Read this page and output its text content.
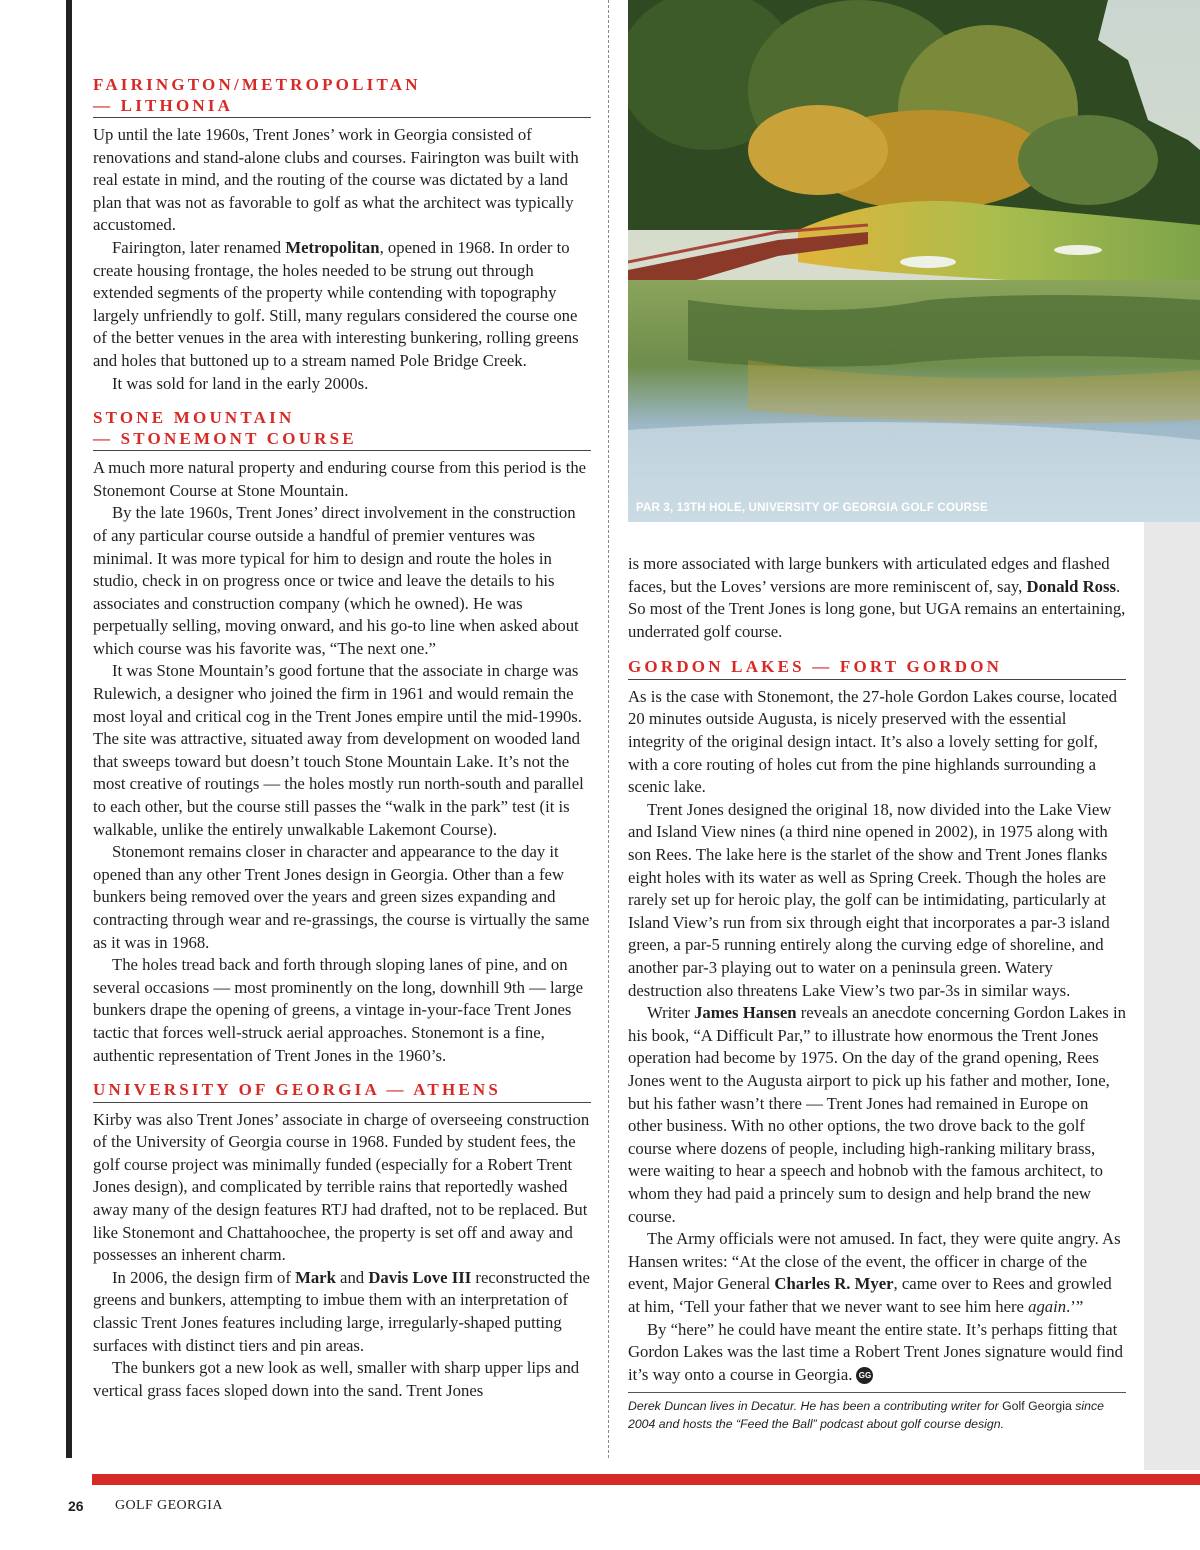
FAIRINGTON/METROPOLITAN
— LITHONIA

Up until the late 1960s, Trent Jones’ work in Georgia consisted of renovations and stand-alone clubs and courses. Fairington was built with real estate in mind, and the routing of the course was dictated by a land plan that was not as favorable to golf as what the architect was typically accustomed.

Fairington, later renamed Metropolitan, opened in 1968. In order to create housing frontage, the holes needed to be strung out through extended segments of the property while contending with topography largely unfriendly to golf. Still, many regulars considered the course one of the better venues in the area with interesting bunkering, rolling greens and holes that buttoned up to a stream named Pole Bridge Creek.

It was sold for land in the early 2000s.

STONE MOUNTAIN
— STONEMONT COURSE

A much more natural property and enduring course from this period is the Stonemont Course at Stone Mountain.

By the late 1960s, Trent Jones’ direct involvement in the construction of any particular course outside a handful of premier ventures was minimal. It was more typical for him to design and route the holes in studio, check in on progress once or twice and leave the details to his associates and construction company (which he owned). He was perpetually selling, moving onward, and his go-to line when asked about which course was his favorite was, “The next one.”

It was Stone Mountain’s good fortune that the associate in charge was Rulewich, a designer who joined the firm in 1961 and would remain the most loyal and critical cog in the Trent Jones empire until the mid-1990s. The site was attractive, situated away from development on wooded land that sweeps toward but doesn’t touch Stone Mountain Lake. It’s not the most creative of routings — the holes mostly run north-south and parallel to each other, but the course still passes the “walk in the park” test (it is walkable, unlike the entirely unwalkable Lakemont Course).

Stonemont remains closer in character and appearance to the day it opened than any other Trent Jones design in Georgia. Other than a few bunkers being removed over the years and green sizes expanding and contracting through wear and re-grassings, the course is virtually the same as it was in 1968.

The holes tread back and forth through sloping lanes of pine, and on several occasions — most prominently on the long, downhill 9th — large bunkers drape the opening of greens, a vintage in-your-face Trent Jones tactic that forces well-struck aerial approaches. Stonemont is a fine, authentic representation of Trent Jones in the 1960’s.

UNIVERSITY OF GEORGIA — ATHENS

Kirby was also Trent Jones’ associate in charge of overseeing construction of the University of Georgia course in 1968. Funded by student fees, the golf course project was minimally funded (especially for a Robert Trent Jones design), and complicated by terrible rains that reportedly washed away many of the design features RTJ had drafted, not to be replaced. But like Stonemont and Chattahoochee, the property is set off and away and possesses an inherent charm.

In 2006, the design firm of Mark and Davis Love III reconstructed the greens and bunkers, attempting to imbue them with an interpretation of classic Trent Jones features including large, irregularly-shaped putting surfaces with distinct tiers and pin areas.

The bunkers got a new look as well, smaller with sharp upper lips and vertical grass faces sloped down into the sand. Trent Jones

PAR 3, 13TH HOLE, UNIVERSITY OF GEORGIA GOLF COURSE

is more associated with large bunkers with articulated edges and flashed faces, but the Loves’ versions are more reminiscent of, say, Donald Ross. So most of the Trent Jones is long gone, but UGA remains an entertaining, underrated golf course.

GORDON LAKES — FORT GORDON

As is the case with Stonemont, the 27-hole Gordon Lakes course, located 20 minutes outside Augusta, is nicely preserved with the essential integrity of the original design intact. It’s also a lovely setting for golf, with a core routing of holes cut from the pine highlands surrounding a scenic lake.

Trent Jones designed the original 18, now divided into the Lake View and Island View nines (a third nine opened in 2002), in 1975 along with son Rees. The lake here is the starlet of the show and Trent Jones flanks eight holes with its water as well as Spring Creek. Though the holes are rarely set up for heroic play, the golf can be intimidating, particularly at Island View’s run from six through eight that incorporates a par-3 island green, a par-5 running entirely along the curving edge of shoreline, and another par-3 playing out to water on a peninsula green. Watery destruction also threatens Lake View’s two par-3s in similar ways.

Writer James Hansen reveals an anecdote concerning Gordon Lakes in his book, “A Difficult Par,” to illustrate how enormous the Trent Jones operation had become by 1975. On the day of the grand opening, Rees Jones went to the Augusta airport to pick up his father and mother, Ione, but his father wasn’t there — Trent Jones had remained in Europe on other business. With no other options, the two drove back to the golf course where dozens of people, including high-ranking military brass, were waiting to hear a speech and hobnob with the famous architect, to whom they had paid a princely sum to design and help brand the new course.

The Army officials were not amused. In fact, they were quite angry. As Hansen writes: “At the close of the event, the officer in charge of the event, Major General Charles R. Myer, came over to Rees and growled at him, ‘Tell your father that we never want to see him here again.’”

By “here” he could have meant the entire state. It’s perhaps fitting that Gordon Lakes was the last time a Robert Trent Jones signature would find it’s way onto a course in Georgia. GG

Derek Duncan lives in Decatur. He has been a contributing writer for Golf Georgia since 2004 and hosts the “Feed the Ball” podcast about golf course design.
26 GOLF GEORGIA
